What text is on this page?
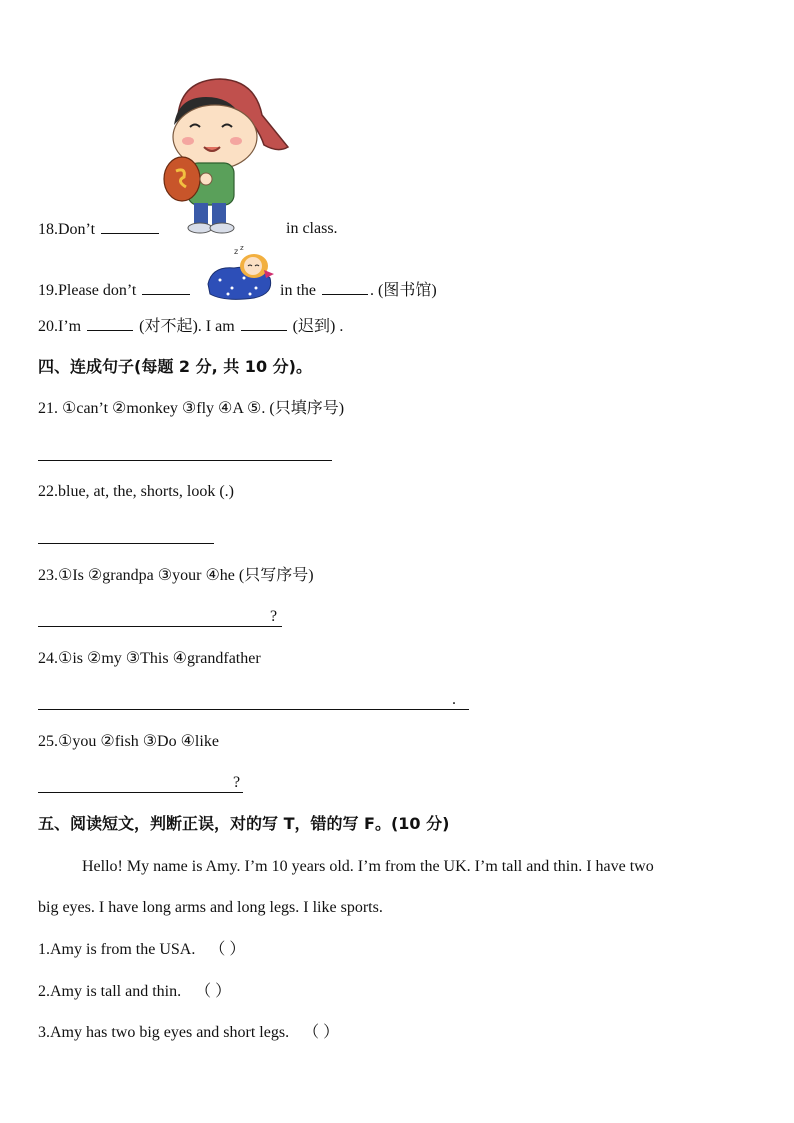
z z
18.Don’t	in class.
19.Please don’t	in the	. (图书馆)
20.I’m	(对不起). I am	(迟到) .
四、连成句子(每题 2 分, 共 10 分)。
21. ①can’t ②monkey ③fly ④A ⑤. (只填序号)
22.blue, at, the, shorts, look (.)
23.①Is ②grandpa ③your ④he (只写序号)
?
24.①is ②my ③This ④grandfather
.
25.①you ②fish ③Do ④like
?
五、阅读短文，判断正误，对的写 T，错的写 F。(10 分)
Hello! My name is Amy. I’m 10 years old. I’m from the UK. I’m tall and thin. I have two
big eyes. I have long arms and long legs. I like sports.
1.Amy is from the USA. （ ）
2.Amy is tall and thin. （ ）
3.Amy has two big eyes and short legs. （ ）
